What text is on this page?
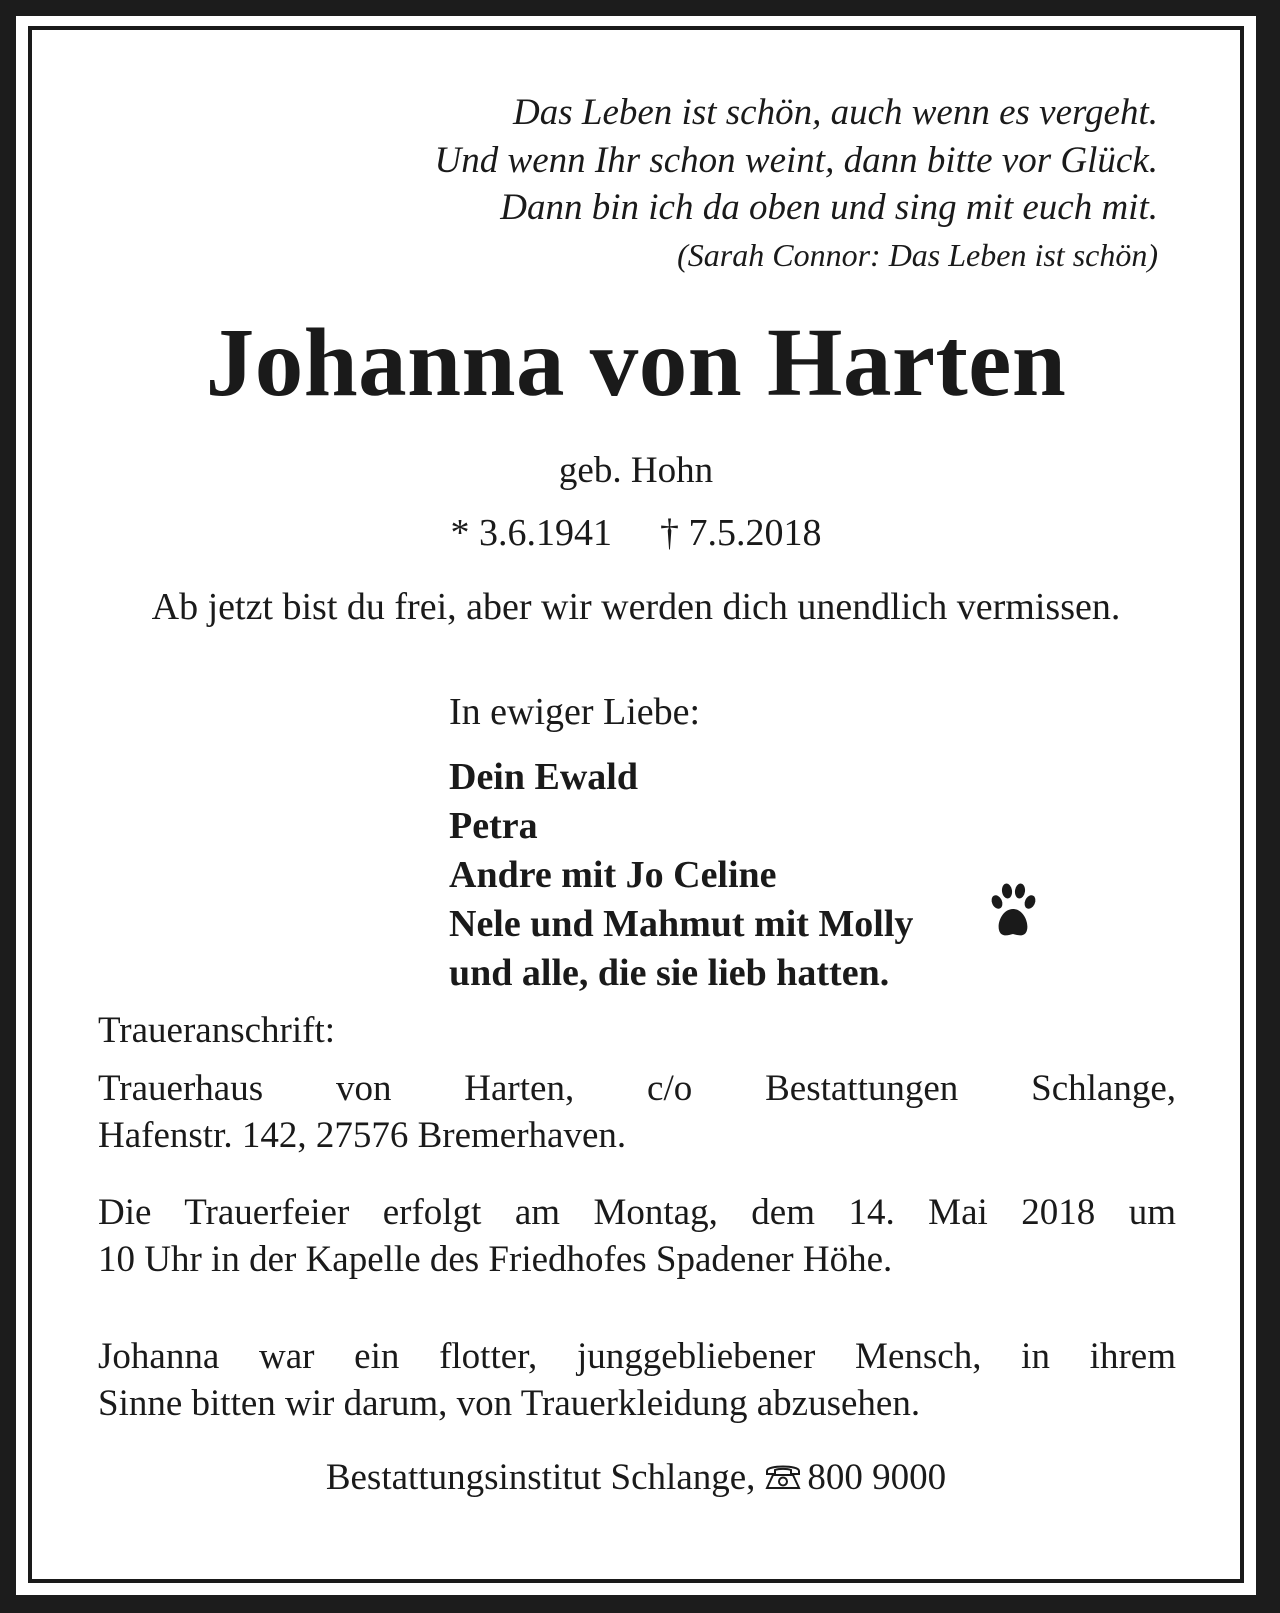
Das Leben ist schön, auch wenn es vergeht.
Und wenn Ihr schon weint, dann bitte vor Glück.
Dann bin ich da oben und sing mit euch mit.
(Sarah Connor: Das Leben ist schön)
Johanna von Harten
geb. Hohn
* 3.6.1941 † 7.5.2018
Ab jetzt bist du frei, aber wir werden dich unendlich vermissen.
In ewiger Liebe:
Dein Ewald
Petra
Andre mit Jo Celine
Nele und Mahmut mit Molly
und alle, die sie lieb hatten.
Traueranschrift:
Trauerhaus von Harten, c/o Bestattungen Schlange,
Hafenstr. 142, 27576 Bremerhaven.
Die Trauerfeier erfolgt am Montag, dem 14. Mai 2018 um
10 Uhr in der Kapelle des Friedhofes Spadener Höhe.
Johanna war ein flotter, junggebliebener Mensch, in ihrem
Sinne bitten wir darum, von Trauerkleidung abzusehen.
Bestattungsinstitut Schlange, 800 9000
